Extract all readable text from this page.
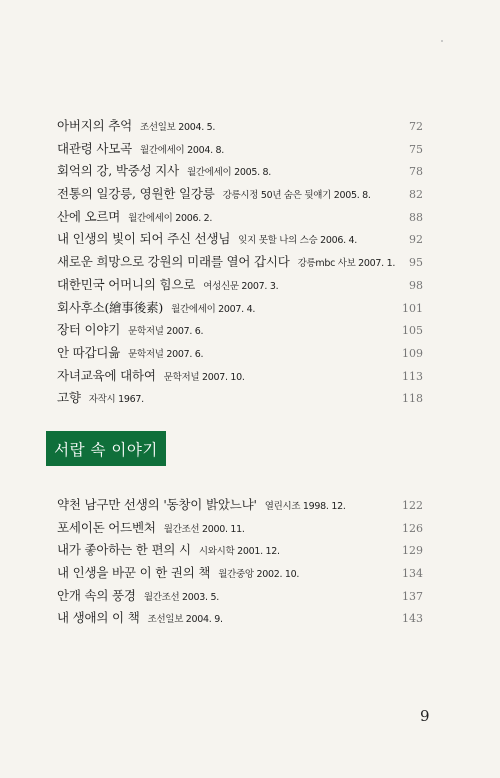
아버지의 추억 조선일보 2004. 5.	72
대관령 사모곡 월간에세이 2004. 8.	75
회억의 강, 박중성 지사 월간에세이 2005. 8.	78
전통의 일강릉, 영원한 일강릉 강릉시정 50년 숨은 뒷얘기 2005. 8.	82
산에 오르며 월간에세이 2006. 2.	88
내 인생의 빛이 되어 주신 선생님 잊지 못할 나의 스승 2006. 4.	92
새로운 희망으로 강원의 미래를 열어 갑시다 강릉mbc 사보 2007. 1. 95
대한민국 어머니의 힘으로 여성신문 2007. 3.	98
회사후소(繪事後素) 월간에세이 2007. 4.	101
장터 이야기 문학저널 2007. 6.	105
안 따갑디읆 문학저널 2007. 6.	109
자녀교육에 대하여 문학저널 2007. 10.	113
고향 자작시 1967.	118
서랍 속 이야기
약천 남구만 선생의 '동창이 밝았느냐' 열린시조 1998. 12.	122
포세이돈 어드벤처 월간조선 2000. 11.	126
내가 좋아하는 한 편의 시 시와시학 2001. 12.	129
내 인생을 바꾼 이 한 권의 책 월간중앙 2002. 10.	134
안개 속의 풍경 월간조선 2003. 5.	137
내 생애의 이 책 조선일보 2004. 9.	143
9
